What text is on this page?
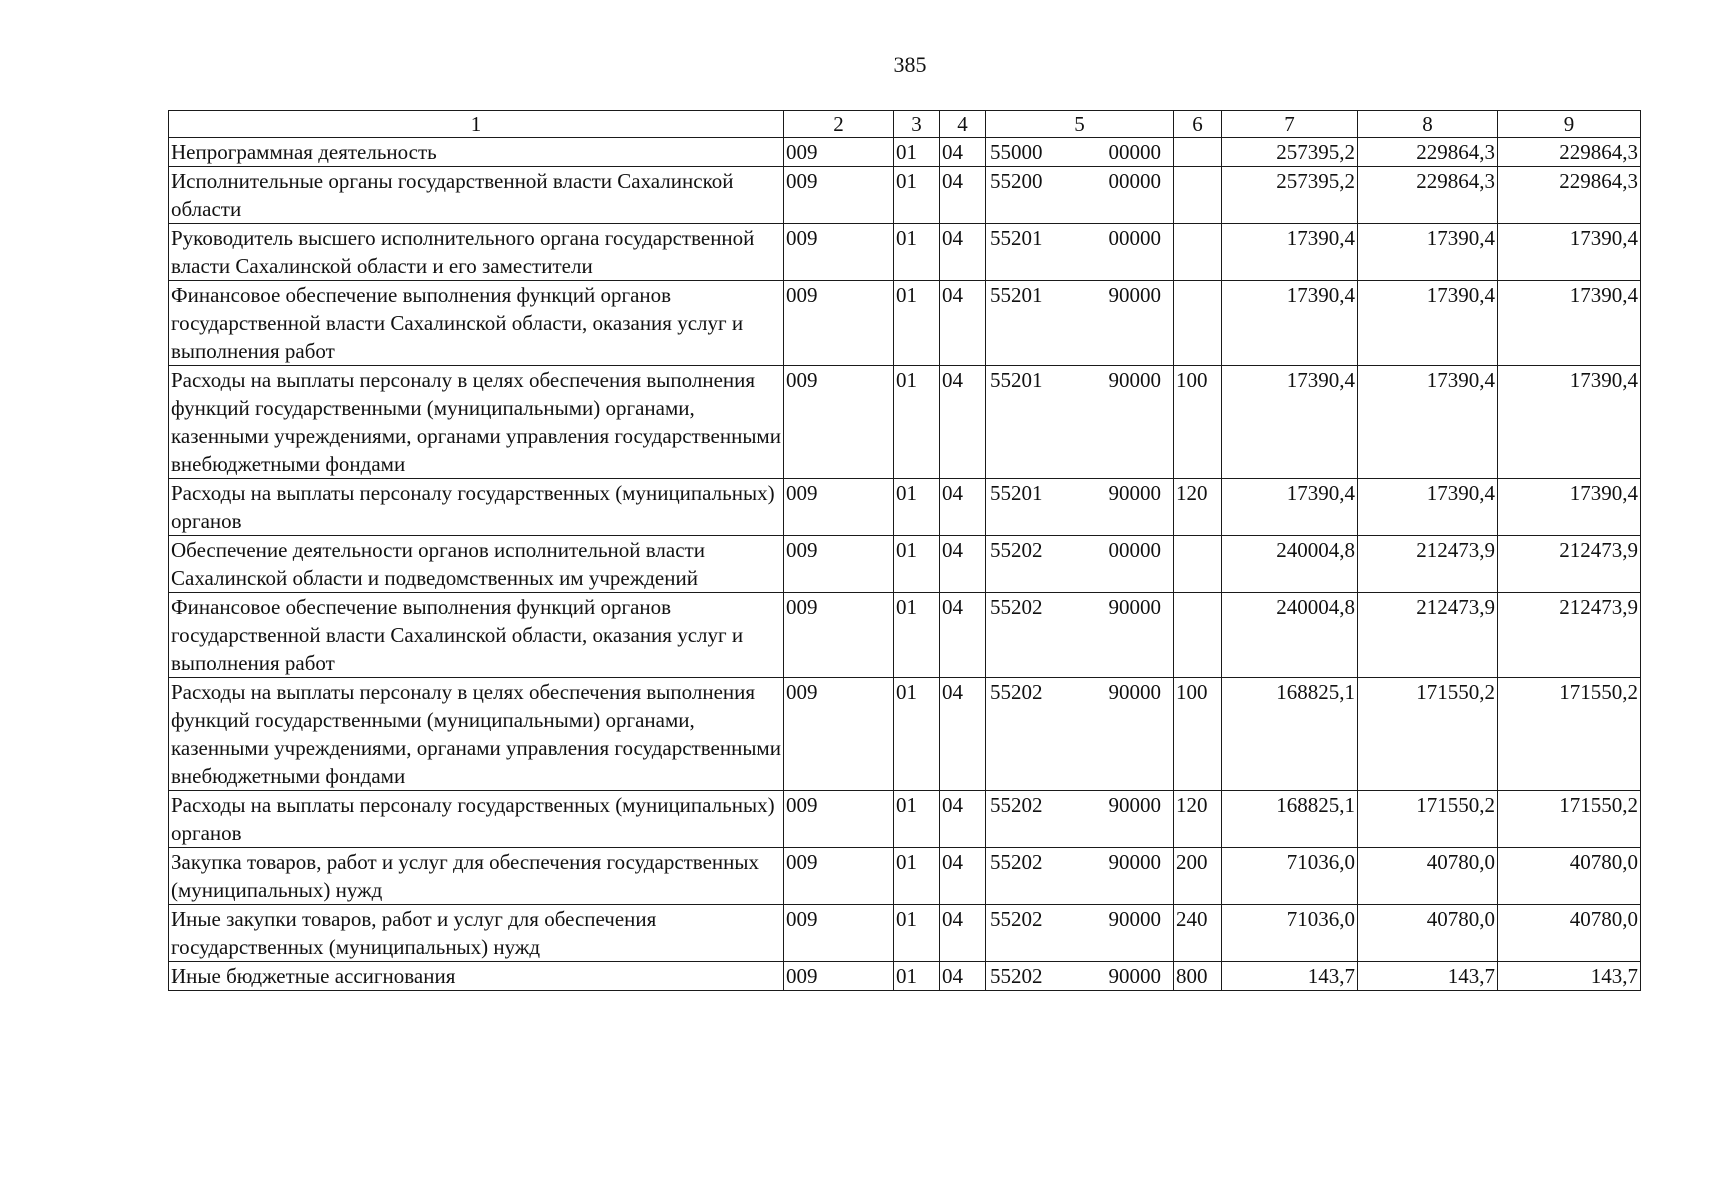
385
1	2	3	4	5	6	7	8	9
Непрограммная деятельность	009	01	04	55000 00000		257395,2	229864,3	229864,3
Исполнительные органы государственной власти Сахалинской области	009	01	04	55200 00000		257395,2	229864,3	229864,3
Руководитель высшего исполнительного органа государственной власти Сахалинской области и его заместители	009	01	04	55201 00000		17390,4	17390,4	17390,4
Финансовое обеспечение выполнения функций органов государственной власти Сахалинской области, оказания услуг и выполнения работ	009	01	04	55201 90000		17390,4	17390,4	17390,4
Расходы на выплаты персоналу в целях обеспечения выполнения функций государственными (муниципальными) органами, казенными учреждениями, органами управления государственными внебюджетными фондами	009	01	04	55201 90000	100	17390,4	17390,4	17390,4
Расходы на выплаты персоналу государственных (муниципальных) органов	009	01	04	55201 90000	120	17390,4	17390,4	17390,4
Обеспечение деятельности органов исполнительной власти Сахалинской области и подведомственных им учреждений	009	01	04	55202 00000		240004,8	212473,9	212473,9
Финансовое обеспечение выполнения функций органов государственной власти Сахалинской области, оказания услуг и выполнения работ	009	01	04	55202 90000		240004,8	212473,9	212473,9
Расходы на выплаты персоналу в целях обеспечения выполнения функций государственными (муниципальными) органами, казенными учреждениями, органами управления государственными внебюджетными фондами	009	01	04	55202 90000	100	168825,1	171550,2	171550,2
Расходы на выплаты персоналу государственных (муниципальных) органов	009	01	04	55202 90000	120	168825,1	171550,2	171550,2
Закупка товаров, работ и услуг для обеспечения государственных (муниципальных) нужд	009	01	04	55202 90000	200	71036,0	40780,0	40780,0
Иные закупки товаров, работ и услуг для обеспечения государственных (муниципальных) нужд	009	01	04	55202 90000	240	71036,0	40780,0	40780,0
Иные бюджетные ассигнования	009	01	04	55202 90000	800	143,7	143,7	143,7
